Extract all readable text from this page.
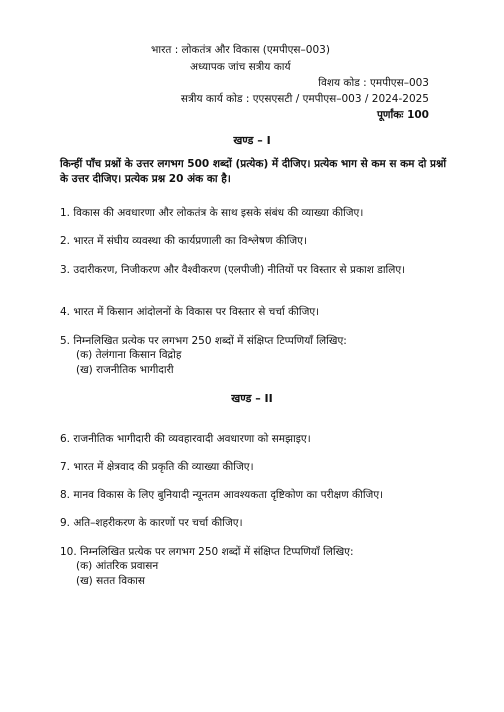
भारत : लोकतंत्र और विकास (एमपीएस–003)
अध्यापक जांच सत्रीय कार्य
विशय कोड : एमपीएस–003
सत्रीय कार्य कोड : एएसएसटी / एमपीएस–003 / 2024-2025
पूर्णांकः 100
खण्ड – I
किन्हीं पाँच प्रश्नों के उत्तर लगभग 500 शब्दों (प्रत्येक) में दीजिए। प्रत्येक भाग से कम स कम दो प्रश्नों के उत्तर दीजिए। प्रत्येक प्रश्न 20 अंक का है।
1. विकास की अवधारणा और लोकतंत्र के साथ इसके संबंध की व्याख्या कीजिए।
2. भारत में संघीय व्यवस्था की कार्यप्रणाली का विश्लेषण कीजिए।
3. उदारीकरण, निजीकरण और वैश्वीकरण (एलपीजी) नीतियों पर विस्तार से प्रकाश डालिए।
4. भारत में किसान आंदोलनों के विकास पर विस्तार से चर्चा कीजिए।
5. निम्नलिखित प्रत्येक पर लगभग 250 शब्दों में संक्षिप्त टिप्पणियाँ लिखिए:
(क) तेलंगाना किसान विद्रोह
(ख) राजनीतिक भागीदारी
खण्ड – II
6. राजनीतिक भागीदारी की व्यवहारवादी अवधारणा को समझाइए।
7. भारत में क्षेत्रवाद की प्रकृति की व्याख्या कीजिए।
8. मानव विकास के लिए बुनियादी न्यूनतम आवश्यकता दृष्टिकोण का परीक्षण कीजिए।
9. अति–शहरीकरण के कारणों पर चर्चा कीजिए।
10. निम्नलिखित प्रत्येक पर लगभग 250 शब्दों में संक्षिप्त टिप्पणियाँ लिखिए:
(क) आंतरिक प्रवासन
(ख) सतत विकास
